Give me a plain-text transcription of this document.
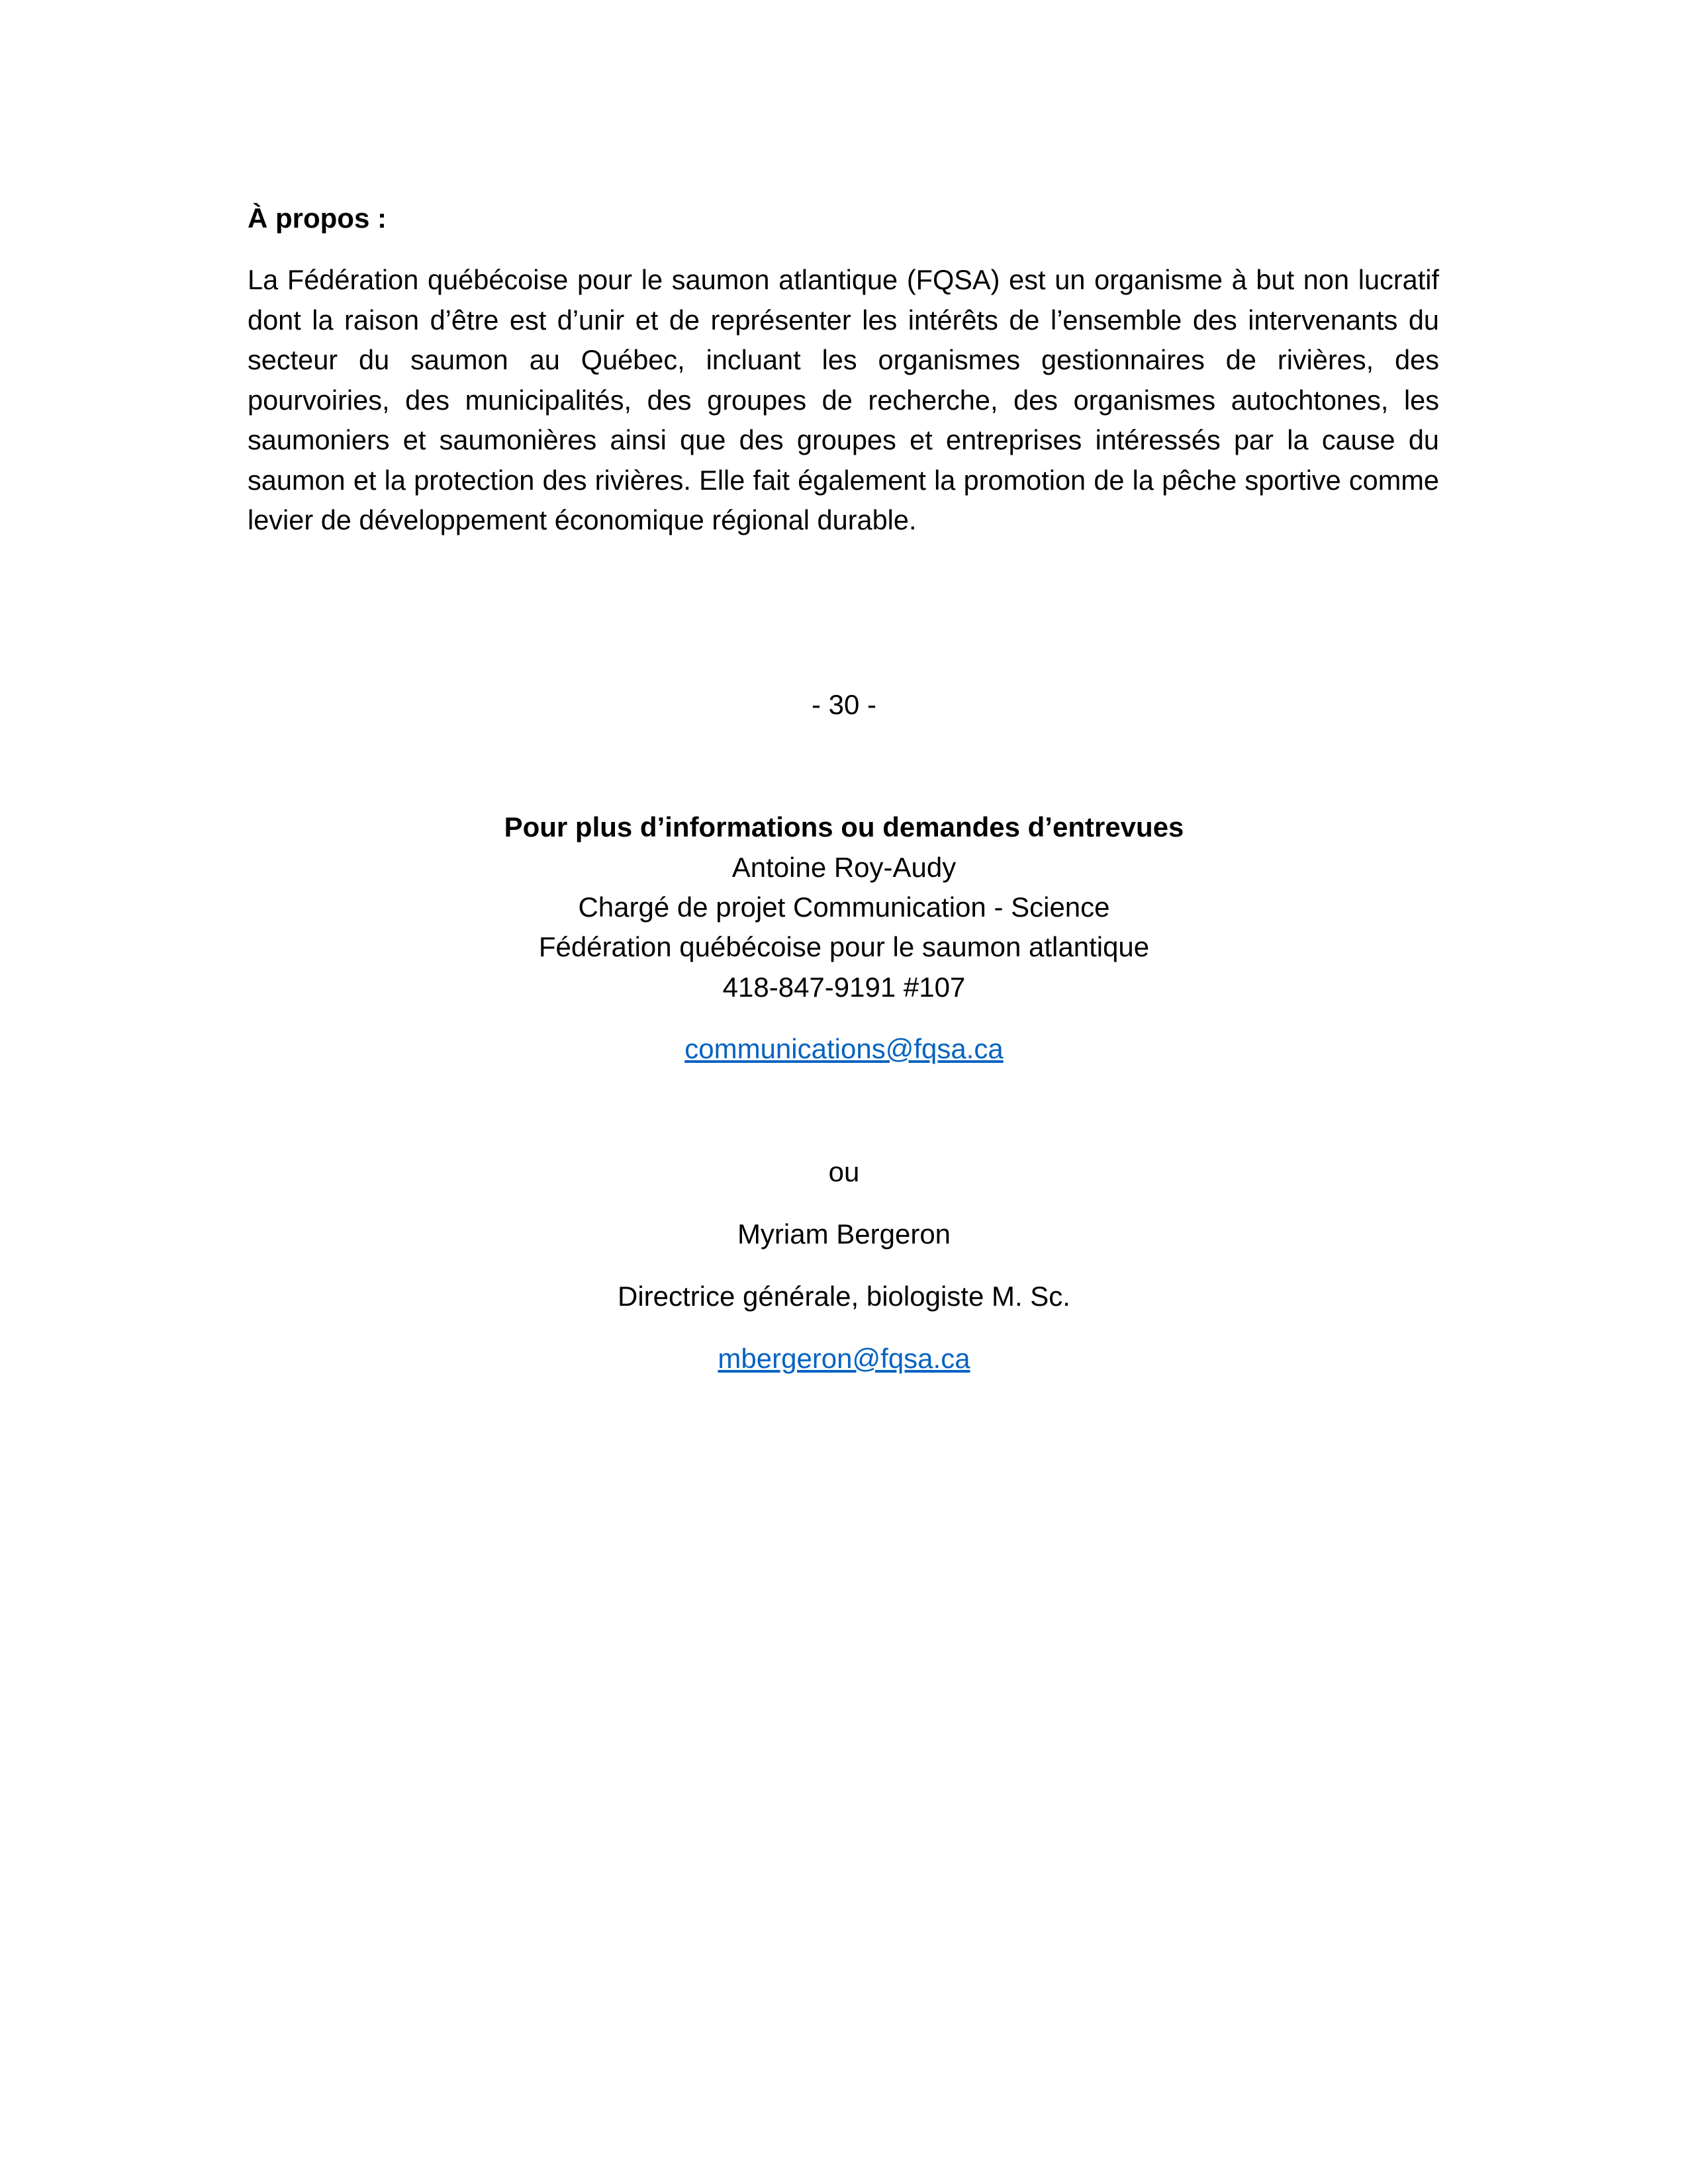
À propos :
La Fédération québécoise pour le saumon atlantique (FQSA) est un organisme à but non lucratif dont la raison d’être est d’unir et de représenter les intérêts de l’ensemble des intervenants du secteur du saumon au Québec, incluant les organismes gestionnaires de rivières, des pourvoiries, des municipalités, des groupes de recherche, des organismes autochtones, les saumoniers et saumonières ainsi que des groupes et entreprises intéressés par la cause du saumon et la protection des rivières. Elle fait également la promotion de la pêche sportive comme levier de développement économique régional durable.
- 30 -
Pour plus d’informations ou demandes d’entrevues
Antoine Roy-Audy
Chargé de projet Communication - Science
Fédération québécoise pour le saumon atlantique
418-847-9191 #107
communications@fqsa.ca
ou
Myriam Bergeron
Directrice générale, biologiste M. Sc.
mbergeron@fqsa.ca
